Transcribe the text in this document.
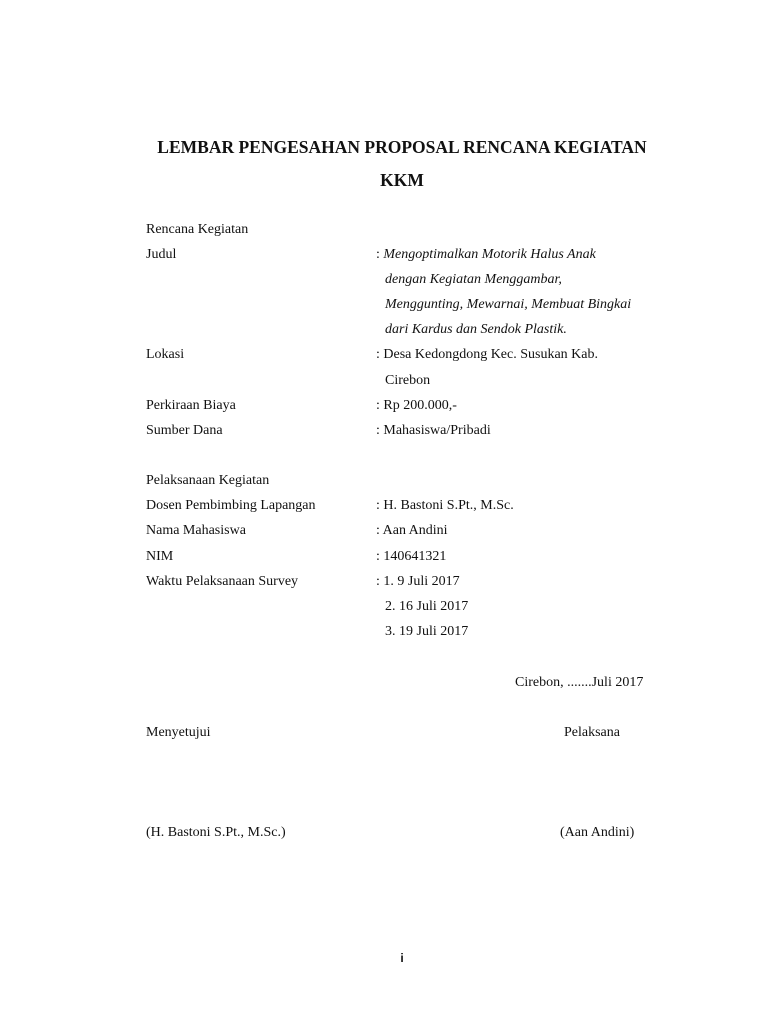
LEMBAR PENGESAHAN PROPOSAL RENCANA KEGIATAN
KKM
Rencana Kegiatan
Judul	: Mengoptimalkan Motorik Halus Anak
dengan Kegiatan Menggambar,
Menggunting, Mewarnai, Membuat Bingkai
dari Kardus dan Sendok Plastik.
Lokasi	: Desa Kedongdong Kec. Susukan Kab.
Cirebon
Perkiraan Biaya	: Rp 200.000,-
Sumber Dana	: Mahasiswa/Pribadi
Pelaksanaan Kegiatan
Dosen Pembimbing Lapangan	: H. Bastoni S.Pt., M.Sc.
Nama Mahasiswa	: Aan Andini
NIM	: 140641321
Waktu Pelaksanaan Survey	: 1. 9 Juli 2017
2. 16 Juli 2017
3. 19 Juli 2017
Cirebon, .......Juli 2017
Menyetujui	Pelaksana
(H. Bastoni S.Pt., M.Sc.)	(Aan Andini)
i
